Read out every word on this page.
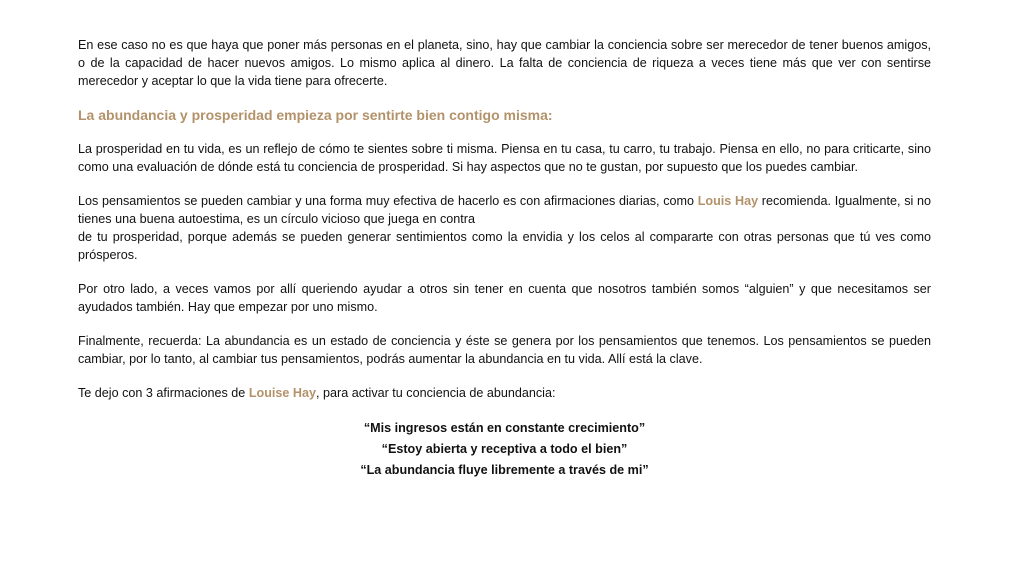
En ese caso no es que haya que poner más personas en el planeta, sino, hay que cambiar la conciencia sobre ser merecedor de tener buenos amigos, o de la capacidad de hacer nuevos amigos. Lo mismo aplica al dinero. La falta de conciencia de riqueza a veces tiene más que ver con sentirse merecedor y aceptar lo que la vida tiene para ofrecerte.

La abundancia y prosperidad empieza por sentirte bien contigo misma:

La prosperidad en tu vida, es un reflejo de cómo te sientes sobre ti misma. Piensa en tu casa, tu carro, tu trabajo. Piensa en ello, no para criticarte, sino como una evaluación de dónde está tu conciencia de prosperidad. Si hay aspectos que no te gustan, por supuesto que los puedes cambiar.

Los pensamientos se pueden cambiar y una forma muy efectiva de hacerlo es con afirmaciones diarias, como Louis Hay recomienda. Igualmente, si no tienes una buena autoestima, es un círculo vicioso que juega en contra

de tu prosperidad, porque además se pueden generar sentimientos como la envidia y los celos al compararte con otras personas que tú ves como prósperos.

Por otro lado, a veces vamos por allí queriendo ayudar a otros sin tener en cuenta que nosotros también somos “alguien” y que necesitamos ser ayudados también. Hay que empezar por uno mismo.

Finalmente, recuerda: La abundancia es un estado de conciencia y éste se genera por los pensamientos que tenemos. Los pensamientos se pueden cambiar, por lo tanto, al cambiar tus pensamientos, podrás aumentar la abundancia en tu vida. Allí está la clave.

Te dejo con 3 afirmaciones de Louise Hay, para activar tu conciencia de abundancia:

“Mis ingresos están en constante crecimiento”
“Estoy abierta y receptiva a todo el bien”
“La abundancia fluye libremente a través de mi”
